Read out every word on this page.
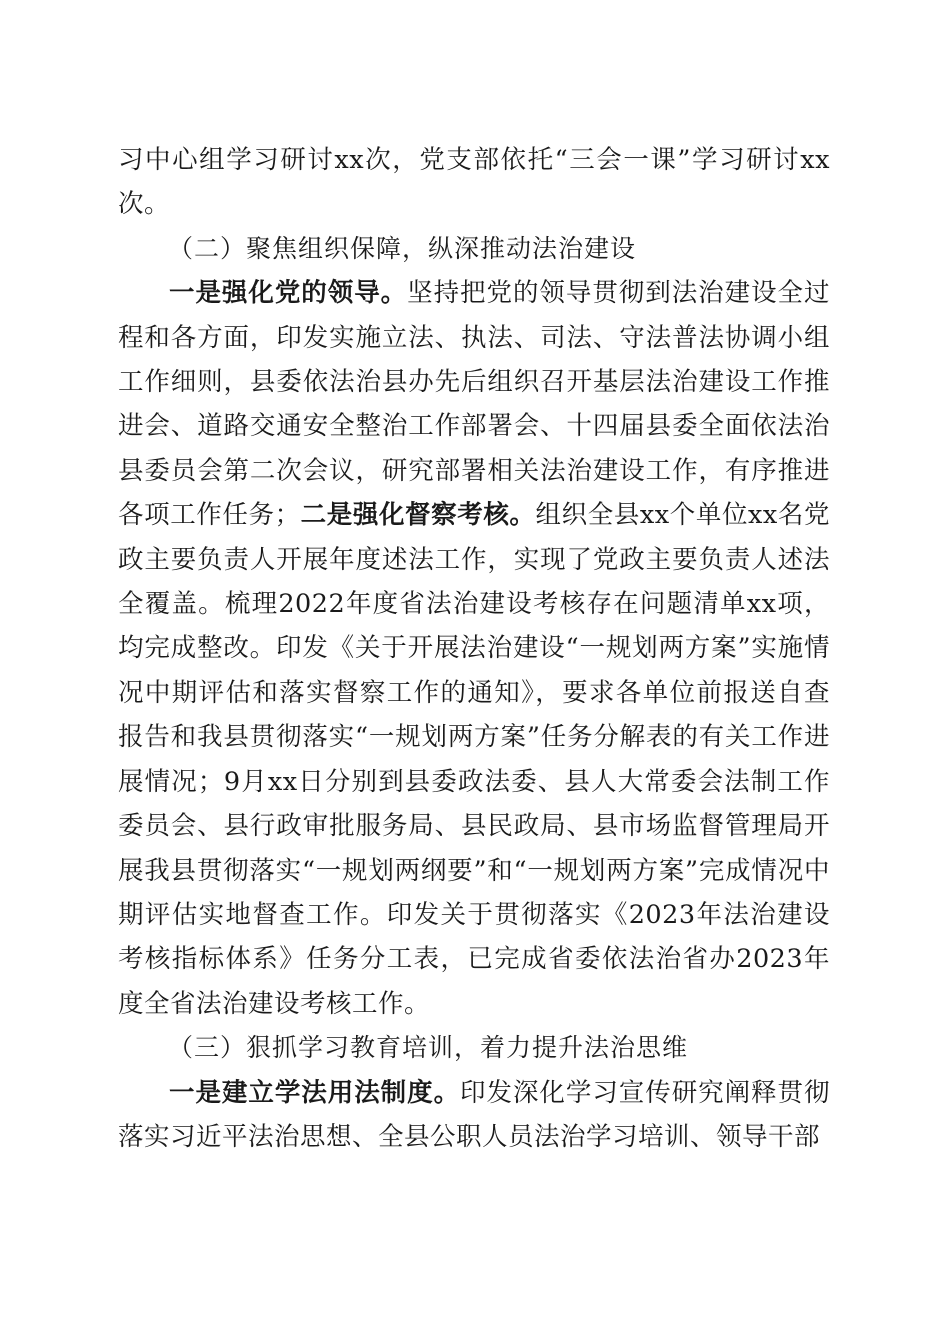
习中心组学习研讨xx次，党支部依托“三会一课”学习研讨xx次。

（二）聚焦组织保障，纵深推动法治建设

一是强化党的领导。坚持把党的领导贯彻到法治建设全过程和各方面，印发实施立法、执法、司法、守法普法协调小组工作细则，县委依法治县办先后组织召开基层法治建设工作推进会、道路交通安全整治工作部署会、十四届县委全面依法治县委员会第二次会议，研究部署相关法治建设工作，有序推进各项工作任务；二是强化督察考核。组织全县xx个单位xx名党政主要负责人开展年度述法工作，实现了党政主要负责人述法全覆盖。梳理2022年度省法治建设考核存在问题清单xx项，均完成整改。印发《关于开展法治建设“一规划两方案”实施情况中期评估和落实督察工作的通知》，要求各单位前报送自查报告和我县贯彻落实“一规划两方案”任务分解表的有关工作进展情况；9月xx日分别到县委政法委、县人大常委会法制工作委员会、县行政审批服务局、县民政局、县市场监督管理局开展我县贯彻落实“一规划两纲要”和“一规划两方案”完成情况中期评估实地督查工作。印发关于贯彻落实《2023年法治建设考核指标体系》任务分工表，已完成省委依法治省办2023年度全省法治建设考核工作。

（三）狠抓学习教育培训，着力提升法治思维

一是建立学法用法制度。印发深化学习宣传研究阐释贯彻落实习近平法治思想、全县公职人员法治学习培训、领导干部
